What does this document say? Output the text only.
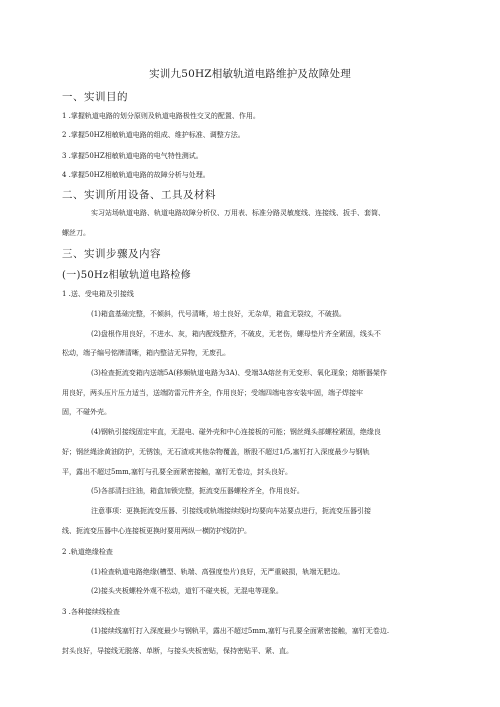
实训九50HZ相敏轨道电路维护及故障处理
一、实训目的
1 .掌握轨道电路的划分原则及轨道电路极性交叉的配置、作用。
2 .掌握50HZ相敏轨道电路的组成、维护标准、调整方法。
3 .掌握50HZ相敏轨道电路的电气特性测试。
4 .掌握50HZ相敏轨道电路的故障分析与处理。
二、实训所用设备、工具及材料
实习站场轨道电路、轨道电路故障分析仪、万用表、标准分路灵敏度线、连接线、扳手、套筒、
螺丝刀。
三、实训步骤及内容
(一)50Hz相敏轨道电路检修
1 .送、受电箱及引接线
(1)箱盒基础完整，不倾斜，代号清晰，培土良好，无杂草，箱盒无裂纹，不破损。
(2)盘根作用良好，不进水、灰，箱内配线整齐，不破皮，无老伤，螺母垫片齐全紧固，线头不
松动，端子编号铭牌清晰，箱内整洁无异物，无废孔。
(3)检查扼流变箱内送端5A(移频轨道电路为3A)、受端3A熔丝有无变形、氧化现象；熔断器架作
用良好，两头压片压力适当，送端防雷元件齐全，作用良好；受端四端电容安装牢固，端子焊接牢
固，不碰外壳。
(4)钢轨引接线固定牢直，无混电、碰外壳和中心连接板的可能；钢丝绳头部螺栓紧固，绝缘良
好；钢丝绳涂黄油防护，无锈蚀，无石渣或其他杂物覆盖，断股不超过1/5,塞钉打入深度最少与钢轨
平，露出不超过5mm,塞钉与孔要全面紧密接触，塞钉无卷边，封头良好。
(5)各部清扫注油，箱盒加锁完整，扼流变压器螺栓齐全，作用良好。
注意事项：更换扼流变压器、引接线或轨端接续线时均要向车站要点进行，扼流变压器引接
线、扼流变压器中心连接板更换时要用两纵一横防护线防护。
2 .轨道绝缘检查
(1)检查轨道电路绝缘(槽型、轨端、高强度垫片)良好，无严重破损，轨端无肥边。
(2)接头夹板螺栓外观不松动，道钉不碰夹板，无混电等现象。
3 .各种接续线检查
(1)接续线塞钉打入深度最少与钢轨平，露出不超过5mm,塞钉与孔要全面紧密接触，塞钉无卷边.
封头良好，导接线无脱落、单断，与接头夹板密贴，保持密贴平、紧、直。
